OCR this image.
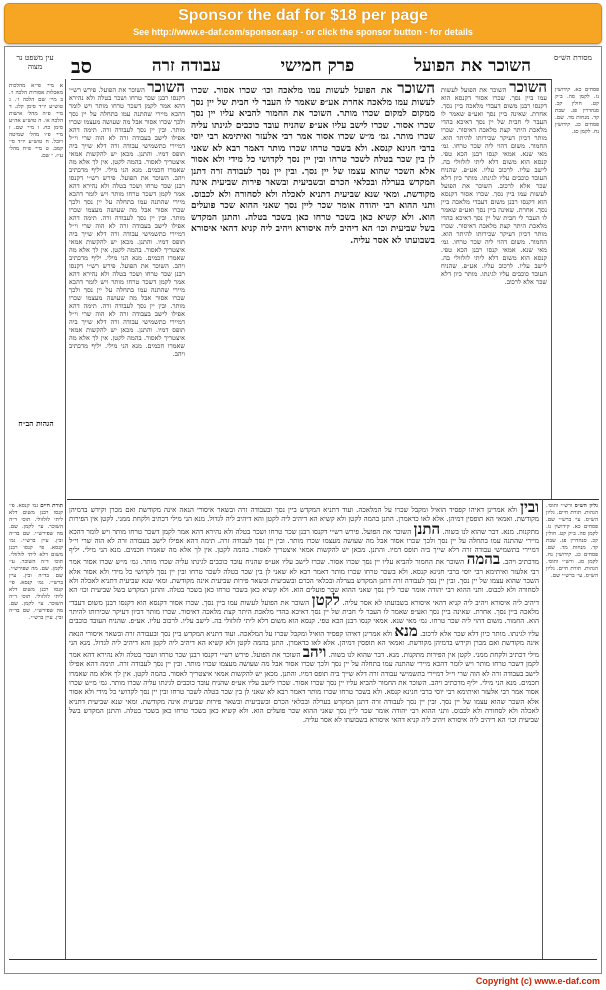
Sponsor the daf for $18 per page
See http://www.e-daf.com/sponsor.asp - or click the sponsor button - for details
עין משפט נר מצוה
מסורת הש״ס
השוכר את הפועל
פרק חמישי
עבודה זרה
סב
א מיי׳ פי״א מהלכות מאכלות אסורות הלכה ו׳. ב מיי׳ שם הלכה ז׳. ג טוש״ע יו״ד סימן קלג. ד מיי׳ פ״ה מהל׳ אישות הלכה א׳. ה טוש״ע אה״ע סימן כח. ו מיי׳ שם. ז מיי׳ פ״ו מהל׳ שמיטה ויובל. ח טוש״ע יו״ד סי׳ קמב. ט מיי׳ פ״ח מהל׳ ע״ז. י שם.
הגהות הב״ח
פסחים כא. קידושין נז. לקמן סה. ב״ק קט. חולין קכ. סנהדרין פג. שבת קד. מנחות מד. שם. פסחים כג. קידושין נח. לקמן סג.
השוכר השוכר את הפועל. פירש רש״י דקנסו רבנן שכר טרחו ושכר בטלה ולא נהירא דהא אמר לקמן דשכר טרחו מותר ויש לומר דהכא מיירי שהתנה עמו בתחלה על יין נסך ולכך שכרו אסור אבל מה שעושה מעצמו שכרו מותר. ובין יין נסך לעבודה זרה. תימה דהא אפילו לישב בעבודה זרה לא הוה שרי וי״ל דמיירי בתשמישי עבודה זרה דלא שייך ביה תופס דמיו. והתנן. מכאן יש להקשות אמאי איצטריך לאסור. בהמה לקטן. אין לך אלא מה שאמרו חכמים. מנא הני מילי. יליף מדכתיב ויהב. השוכר את הפועל. פירש רש״י דקנסו רבנן שכר טרחו ושכר בטלה ולא נהירא דהא אמר לקמן דשכר טרחו מותר ויש לומר דהכא מיירי שהתנה עמו בתחלה על יין נסך ולכך שכרו אסור אבל מה שעושה מעצמו שכרו מותר. ובין יין נסך לעבודה זרה. תימה דהא אפילו לישב בעבודה זרה לא הוה שרי וי״ל דמיירי בתשמישי עבודה זרה דלא שייך ביה תופס דמיו. והתנן. מכאן יש להקשות אמאי איצטריך לאסור. בהמה לקטן. אין לך אלא מה שאמרו חכמים. מנא הני מילי. יליף מדכתיב ויהב. השוכר את הפועל. פירש רש״י דקנסו רבנן שכר טרחו ושכר בטלה ולא נהירא דהא אמר לקמן דשכר טרחו מותר ויש לומר דהכא מיירי שהתנה עמו בתחלה על יין נסך ולכך שכרו אסור אבל מה שעושה מעצמו שכרו מותר. ובין יין נסך לעבודה זרה. תימה דהא אפילו לישב בעבודה זרה לא הוה שרי וי״ל דמיירי בתשמישי עבודה זרה דלא שייך ביה תופס דמיו. והתנן. מכאן יש להקשות אמאי איצטריך לאסור. בהמה לקטן. אין לך אלא מה שאמרו חכמים. מנא הני מילי. יליף מדכתיב ויהב.
השוכר את הפועל לעשות עמו מלאכה וכו׳ שכרו אסור. שכרו לעשות עמו מלאכה אחרת אע״פ שאמר לו העבר לי חבית של יין נסך ממקום למקום שכרו מותר. השוכר את החמור להביא עליו יין נסך שכרו אסור. שכרו לישב עליו אע״פ שהניח עובד כוכבים לגינתו עליה שכרו מותר. גמ׳ מ״ש שכרו אסור אמר רבי אלעזר ואיתימא רבי יוסי ברבי חנינא קנסא. ולא בשכר טרחו שכרו מותר דאמר רבא לא שאני לן בין שכר בטלה לשכר טרחו ובין יין נסך לקדושי כל מידי ולא אסור אלא השכר שהוא עצמו של יין נסך. ובין יין נסך לעבודה זרה דתנן המקדש בערלה ובכלאי הכרם ובשביעית ובשאר פירות שביעית אינה מקודשת. ומאי שנא שביעית דתניא לאכלה ולא לסחורה ולא לכבוס. ותני ההוא רבי יהודה אומר שכר ליין נסך שאני ההוא שכר פועלים הוא. ולא קשיא כאן בשכר טרחו כאן בשכר בטלה. והתנן המקדש בשל שביעית וכו׳ הא דיהיב ליה איסורא ויהיב ליה קניא דהאי איסורא בשבועתו לא אסר עליה.
השוכר השוכר את הפועל לעשות עמו ביין נסך. שכרו אסור דקנסא הוא דקנסו רבנן משום דעבדי מלאכה ביין נסך. אחרת. שאינה ביין נסך ואע״פ שאמר לו העבר לי חבית של יין נסך דאיכא בהדי מלאכת היתר קצת מלאכה דאיסור. שכרו מותר דכיון דעיקר שכירותו להיתר הוא. החמור. משום דהוי ליה שכר טרחו. גמ׳ מאי שנא. אמאי קנסו רבנן הכא טפי. קנסא הוא משום דלא ליתי לזלזולי בה. לישב עליו. לרכוב עליו. אע״פ. שהניח העובד כוכבים עליו לגינתו. מותר כיון דלא שכר אלא לרכוב. השוכר את הפועל לעשות עמו ביין נסך. שכרו אסור דקנסא הוא דקנסו רבנן משום דעבדי מלאכה ביין נסך. אחרת. שאינה ביין נסך ואע״פ שאמר לו העבר לי חבית של יין נסך דאיכא בהדי מלאכת היתר קצת מלאכה דאיסור. שכרו מותר דכיון דעיקר שכירותו להיתר הוא. החמור. משום דהוי ליה שכר טרחו. גמ׳ מאי שנא. אמאי קנסו רבנן הכא טפי. קנסא הוא משום דלא ליתי לזלזולי בה. לישב עליו. לרכוב עליו. אע״פ. שהניח העובד כוכבים עליו לגינתו. מותר כיון דלא שכר אלא לרכוב.
תורת חיים גמ׳ קנסא. פי׳ קנסו רבנן משום דלא ליתי לזלזולי. תוס׳ ד״ה השוכר. עי׳ לקמן. שם. מה שפירש״י. שם בד״ה ובין. עיין ברש״י. גמ׳ קנסא. פי׳ קנסו רבנן משום דלא ליתי לזלזולי. תוס׳ ד״ה השוכר. עי׳ לקמן. שם. מה שפירש״י. שם בד״ה ובין. עיין ברש״י. גמ׳ קנסא. פי׳ קנסו רבנן משום דלא ליתי לזלזולי. תוס׳ ד״ה השוכר. עי׳ לקמן. שם. מה שפירש״י. שם בד״ה ובין. עיין ברש״י.
ובין ולא אמרינן דאיהו קפסיד הואיל ומקבל שכרו על המלאכה. ועוד דתניא המקדש ביין נסך ובעבודה זרה ובשאר איסורי הנאה אינה מקודשת ואם מכרן וקידש בדמיהן מקודשת. ואמאי הא תופסין דמיהן. אלא לאו כדאמרן. התנן בהמה לקטן ולא קשיא הא דיהיב ליה לקטן והא דיהיב ליה לגדול. מנא הני מילי דכתיב ולקחת ממני. לקטן אין הפירות מתקנות. מנא. דבר שהוא לנו בשוה. התנן השוכר את הפועל. פירש רש״י דקנסו רבנן שכר טרחו ושכר בטלה ולא נהירא דהא אמר לקמן דשכר טרחו מותר ויש לומר דהכא מיירי שהתנה עמו בתחלה על יין נסך ולכך שכרו אסור אבל מה שעושה מעצמו שכרו מותר. ובין יין נסך לעבודה זרה. תימה דהא אפילו לישב בעבודה זרה לא הוה שרי וי״ל דמיירי בתשמישי עבודה זרה דלא שייך ביה תופס דמיו. והתנן. מכאן יש להקשות אמאי איצטריך לאסור. בהמה לקטן. אין לך אלא מה שאמרו חכמים. מנא הני מילי. יליף מדכתיב ויהב. בהמה השוכר את החמור להביא עליו יין נסך שכרו אסור. שכרו לישב עליו אע״פ שהניח עובד כוכבים לגינתו עליה שכרו מותר. גמ׳ מ״ש שכרו אסור אמר רבי אלעזר ואיתימא רבי יוסי ברבי חנינא קנסא. ולא בשכר טרחו שכרו מותר דאמר רבא לא שאני לן בין שכר בטלה לשכר טרחו ובין יין נסך לקדושי כל מידי ולא אסור אלא השכר שהוא עצמו של יין נסך. ובין יין נסך לעבודה זרה דתנן המקדש בערלה ובכלאי הכרם ובשביעית ובשאר פירות שביעית אינה מקודשת. ומאי שנא שביעית דתניא לאכלה ולא לסחורה ולא לכבוס. ותני ההוא רבי יהודה אומר שכר ליין נסך שאני ההוא שכר פועלים הוא. ולא קשיא כאן בשכר טרחו כאן בשכר בטלה. והתנן המקדש בשל שביעית וכו׳ הא דיהיב ליה איסורא ויהיב ליה קניא דהאי איסורא בשבועתו לא אסר עליה. לקטן השוכר את הפועל לעשות עמו ביין נסך. שכרו אסור דקנסא הוא דקנסו רבנן משום דעבדי מלאכה ביין נסך. אחרת. שאינה ביין נסך ואע״פ שאמר לו העבר לי חבית של יין נסך דאיכא בהדי מלאכת היתר קצת מלאכה דאיסור. שכרו מותר דכיון דעיקר שכירותו להיתר הוא. החמור. משום דהוי ליה שכר טרחו. גמ׳ מאי שנא. אמאי קנסו רבנן הכא טפי. קנסא הוא משום דלא ליתי לזלזולי בה. לישב עליו. לרכוב עליו. אע״פ. שהניח העובד כוכבים עליו לגינתו. מותר כיון דלא שכר אלא לרכוב. מנא ולא אמרינן דאיהו קפסיד הואיל ומקבל שכרו על המלאכה. ועוד דתניא המקדש ביין נסך ובעבודה זרה ובשאר איסורי הנאה אינה מקודשת ואם מכרן וקידש בדמיהן מקודשת. ואמאי הא תופסין דמיהן. אלא לאו כדאמרן. התנן בהמה לקטן ולא קשיא הא דיהיב ליה לקטן והא דיהיב ליה לגדול. מנא הני מילי דכתיב ולקחת ממני. לקטן אין הפירות מתקנות. מנא. דבר שהוא לנו בשוה. ויהב השוכר את הפועל. פירש רש״י דקנסו רבנן שכר טרחו ושכר בטלה ולא נהירא דהא אמר לקמן דשכר טרחו מותר ויש לומר דהכא מיירי שהתנה עמו בתחלה על יין נסך ולכך שכרו אסור אבל מה שעושה מעצמו שכרו מותר. ובין יין נסך לעבודה זרה. תימה דהא אפילו לישב בעבודה זרה לא הוה שרי וי״ל דמיירי בתשמישי עבודה זרה דלא שייך ביה תופס דמיו. והתנן. מכאן יש להקשות אמאי איצטריך לאסור. בהמה לקטן. אין לך אלא מה שאמרו חכמים. מנא הני מילי. יליף מדכתיב ויהב. השוכר את החמור להביא עליו יין נסך שכרו אסור. שכרו לישב עליו אע״פ שהניח עובד כוכבים לגינתו עליה שכרו מותר. גמ׳ מ״ש שכרו אסור אמר רבי אלעזר ואיתימא רבי יוסי ברבי חנינא קנסא. ולא בשכר טרחו שכרו מותר דאמר רבא לא שאני לן בין שכר בטלה לשכר טרחו ובין יין נסך לקדושי כל מידי ולא אסור אלא השכר שהוא עצמו של יין נסך. ובין יין נסך לעבודה זרה דתנן המקדש בערלה ובכלאי הכרם ובשביעית ובשאר פירות שביעית אינה מקודשת. ומאי שנא שביעית דתניא לאכלה ולא לסחורה ולא לכבוס. ותני ההוא רבי יהודה אומר שכר ליין נסך שאני ההוא שכר פועלים הוא. ולא קשיא כאן בשכר טרחו כאן בשכר בטלה. והתנן המקדש בשל שביעית וכו׳ הא דיהיב ליה איסורא ויהיב ליה קניא דהאי איסורא בשבועתו לא אסר עליה.
גליון הש״ס ורש״י ותוס׳. הגהות. תורת חיים. גליון הש״ס. עי׳ ברש״י שם. פסחים כא. קידושין נז. לקמן סה. ב״ק קט. חולין קכ. סנהדרין פג. שבת קד. מנחות מד. שם. פסחים כג. קידושין נח. לקמן סג. ורש״י ותוס׳. הגהות. תורת חיים. גליון הש״ס. עי׳ ברש״י שם.
Copyright (c) www.e-daf.com
